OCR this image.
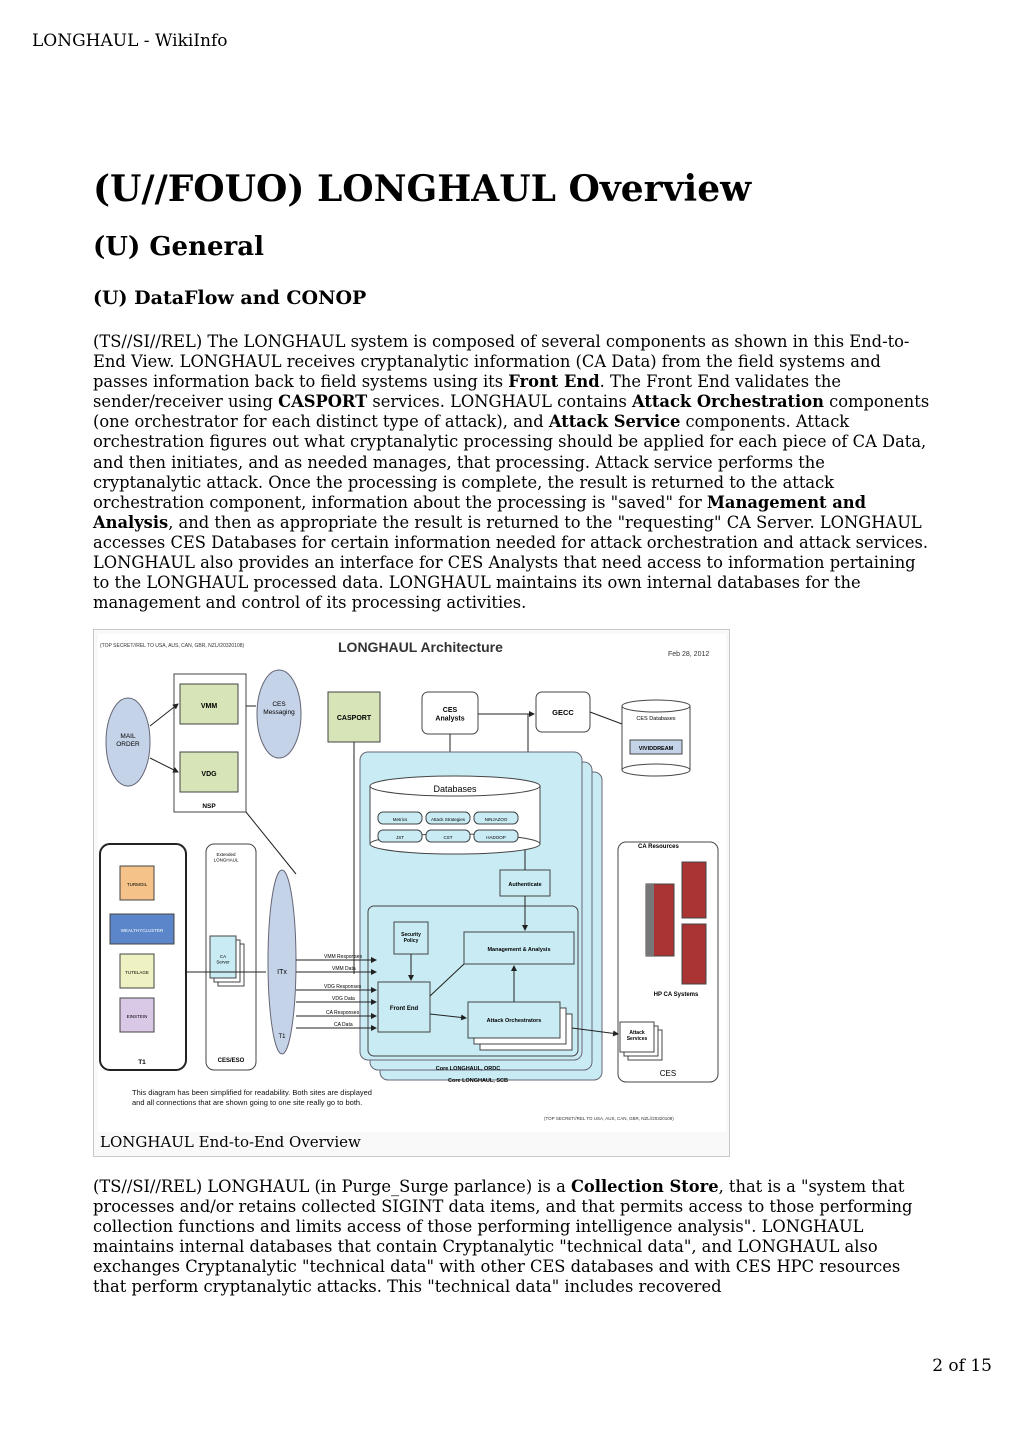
LONGHAUL - WikiInfo
(U//FOUO) LONGHAUL Overview
(U) General
(U) DataFlow and CONOP

(TS//SI//REL) The LONGHAUL system is composed of several components as shown in this End-to-End View. LONGHAUL receives cryptanalytic information (CA Data) from the field systems and passes information back to field systems using its Front End. The Front End validates the sender/receiver using CASPORT services. LONGHAUL contains Attack Orchestration components (one orchestrator for each distinct type of attack), and Attack Service components. Attack orchestration figures out what cryptanalytic processing should be applied for each piece of CA Data, and then initiates, and as needed manages, that processing. Attack service performs the cryptanalytic attack. Once the processing is complete, the result is returned to the attack orchestration component, information about the processing is "saved" for Management and Analysis, and then as appropriate the result is returned to the "requesting" CA Server. LONGHAUL accesses CES Databases for certain information needed for attack orchestration and attack services. LONGHAUL also provides an interface for CES Analysts that need access to information pertaining to the LONGHAUL processed data. LONGHAUL maintains its own internal databases for the management and control of its processing activities.

(TOP SECRET//REL TO USA, AUS, CAN, GBR, NZL//20320108)	LONGHAUL Architecture	Feb 28, 2012
MAIL ORDER
VMM
VDG
NSP
CES Messaging
CASPORT
CES Analysts
GECC
CES Databases
VIVIDDREAM
Databases
Metrics	Attack Strategies	NINJAZOO
JST	CST	HADOOP
Authenticate
Security Policy
Management & Analysis
Front End
Attack Orchestrators
Core LONGHAUL, ORDC
Core LONGHAUL, SCB
CA Resources
HP CA Systems
Attack Services
CES
TURMOIL
WEALTHYCLUSTER
TUTELAGE
EINSTEIN
T1
Extended LONGHAUL
CA Server
CES/ESO
ITx
T1
VMM Responses
VMM Data
VDG Responses
VDG Data
CA Responses
CA Data
This diagram has been simplified for readability. Both sites are displayed and all connections that are shown going to one site really go to both.
(TOP SECRET//REL TO USA, AUS, CAN, GBR, NZL//20320108)
LONGHAUL End-to-End Overview

(TS//SI//REL) LONGHAUL (in Purge_Surge parlance) is a Collection Store, that is a "system that processes and/or retains collected SIGINT data items, and that permits access to those performing collection functions and limits access of those performing intelligence analysis". LONGHAUL maintains internal databases that contain Cryptanalytic "technical data", and LONGHAUL also exchanges Cryptanalytic "technical data" with other CES databases and with CES HPC resources that perform cryptanalytic attacks. This "technical data" includes recovered

2 of 15
